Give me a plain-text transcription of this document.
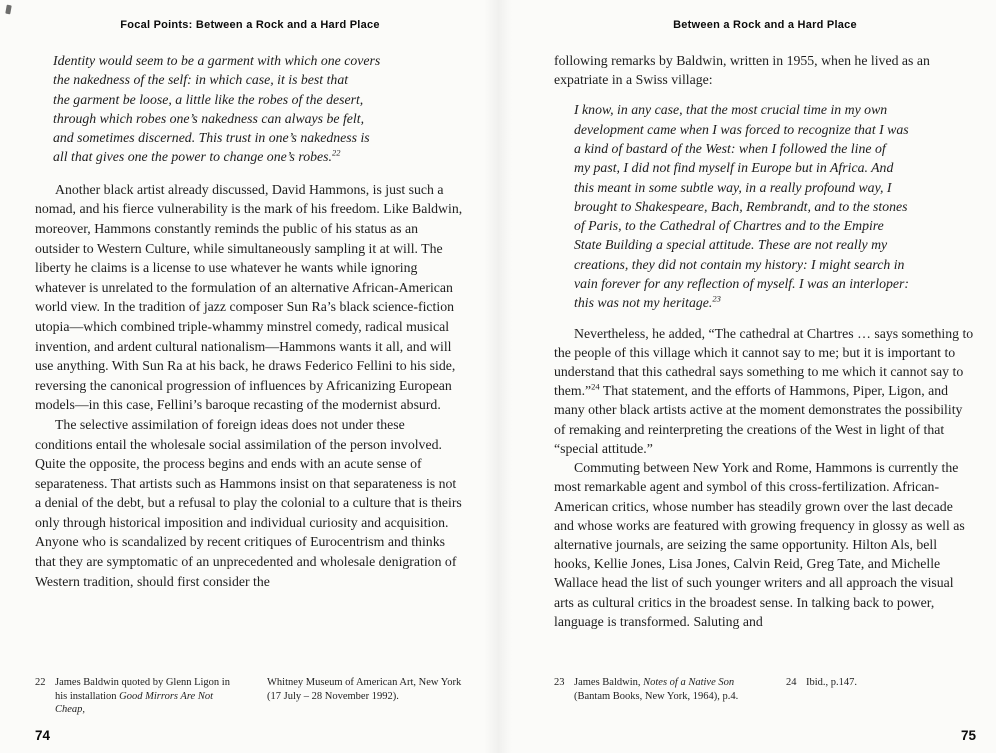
Focal Points: Between a Rock and a Hard Place
Identity would seem to be a garment with which one covers
the nakedness of the self: in which case, it is best that
the garment be loose, a little like the robes of the desert,
through which robes one’s nakedness can always be felt,
and sometimes discerned. This trust in one’s nakedness is
all that gives one the power to change one’s robes.$^{22}$

Another black artist already discussed, David Hammons, is just such a nomad, and his fierce vulnerability is the mark of his freedom. Like Baldwin, moreover, Hammons constantly reminds the public of his status as an outsider to Western Culture, while simultaneously sampling it at will. The liberty he claims is a license to use whatever he wants while ignoring whatever is unrelated to the formulation of an alternative African-American world view. In the tradition of jazz composer Sun Ra’s black science-fiction utopia—which combined triple-whammy minstrel comedy, radical musical invention, and ardent cultural nationalism—Hammons wants it all, and will use anything. With Sun Ra at his back, he draws Federico Fellini to his side, reversing the canonical progression of influences by Africanizing European models—in this case, Fellini’s baroque recasting of the modernist absurd.

The selective assimilation of foreign ideas does not under these conditions entail the wholesale social assimilation of the person involved. Quite the opposite, the process begins and ends with an acute sense of separateness. That artists such as Hammons insist on that separateness is not a denial of the debt, but a refusal to play the colonial to a culture that is theirs only through historical imposition and individual curiosity and acquisition. Anyone who is scandalized by recent critiques of Eurocentrism and thinks that they are symptomatic of an unprecedented and wholesale denigration of Western tradition, should first consider the

22 James Baldwin quoted by Glenn Ligon in his installation Good Mirrors Are Not Cheap,
Whitney Museum of American Art, New York (17 July – 28 November 1992).
74
Between a Rock and a Hard Place

following remarks by Baldwin, written in 1955, when he lived as an expatriate in a Swiss village:

I know, in any case, that the most crucial time in my own
development came when I was forced to recognize that I was
a kind of bastard of the West: when I followed the line of
my past, I did not find myself in Europe but in Africa. And
this meant in some subtle way, in a really profound way, I
brought to Shakespeare, Bach, Rembrandt, and to the stones
of Paris, to the Cathedral of Chartres and to the Empire
State Building a special attitude. These are not really my
creations, they did not contain my history: I might search in
vain forever for any reflection of myself. I was an interloper:
this was not my heritage.$^{23}$

Nevertheless, he added, “The cathedral at Chartres … says something to the people of this village which it cannot say to me; but it is important to understand that this cathedral says something to me which it cannot say to them.”$^{24}$ That statement, and the efforts of Hammons, Piper, Ligon, and many other black artists active at the moment demonstrates the possibility of remaking and reinterpreting the creations of the West in light of that “special attitude.”

Commuting between New York and Rome, Hammons is currently the most remarkable agent and symbol of this cross-fertilization. African-American critics, whose number has steadily grown over the last decade and whose works are featured with growing frequency in glossy as well as alternative journals, are seizing the same opportunity. Hilton Als, bell hooks, Kellie Jones, Lisa Jones, Calvin Reid, Greg Tate, and Michelle Wallace head the list of such younger writers and all approach the visual arts as cultural critics in the broadest sense. In talking back to power, language is transformed. Saluting and

23 James Baldwin, Notes of a Native Son (Bantam Books, New York, 1964), p.4.
24 Ibid., p.147.
75
